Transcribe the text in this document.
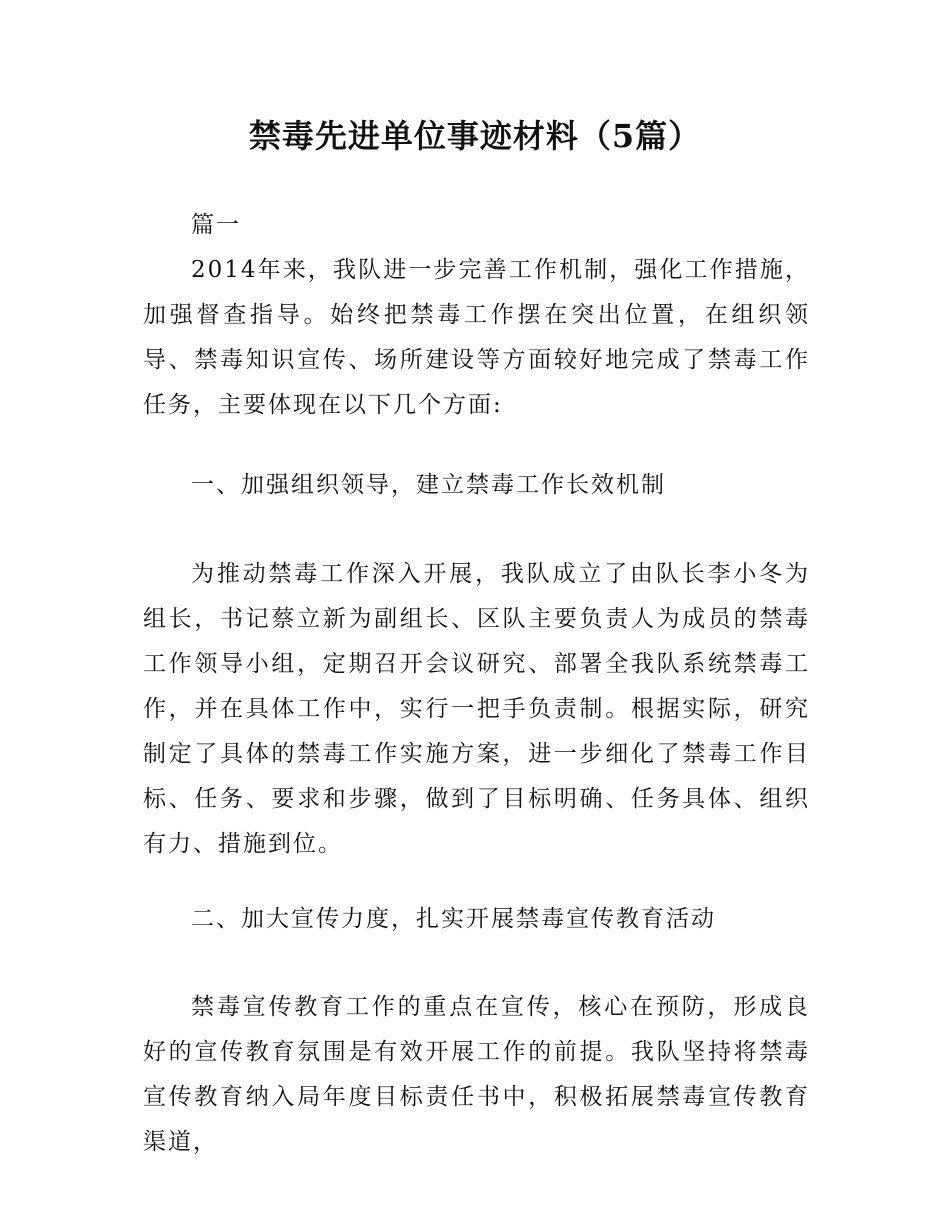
禁毒先进单位事迹材料（5篇）

篇一

2014年来，我队进一步完善工作机制，强化工作措施，加强督查指导。始终把禁毒工作摆在突出位置，在组织领导、禁毒知识宣传、场所建设等方面较好地完成了禁毒工作任务，主要体现在以下几个方面:

一、加强组织领导，建立禁毒工作长效机制

为推动禁毒工作深入开展，我队成立了由队长李小冬为组长，书记蔡立新为副组长、区队主要负责人为成员的禁毒工作领导小组，定期召开会议研究、部署全我队系统禁毒工作，并在具体工作中，实行一把手负责制。根据实际，研究制定了具体的禁毒工作实施方案，进一步细化了禁毒工作目标、任务、要求和步骤，做到了目标明确、任务具体、组织有力、措施到位。

二、加大宣传力度，扎实开展禁毒宣传教育活动

禁毒宣传教育工作的重点在宣传，核心在预防，形成良好的宣传教育氛围是有效开展工作的前提。我队坚持将禁毒宣传教育纳入局年度目标责任书中，积极拓展禁毒宣传教育渠道，
